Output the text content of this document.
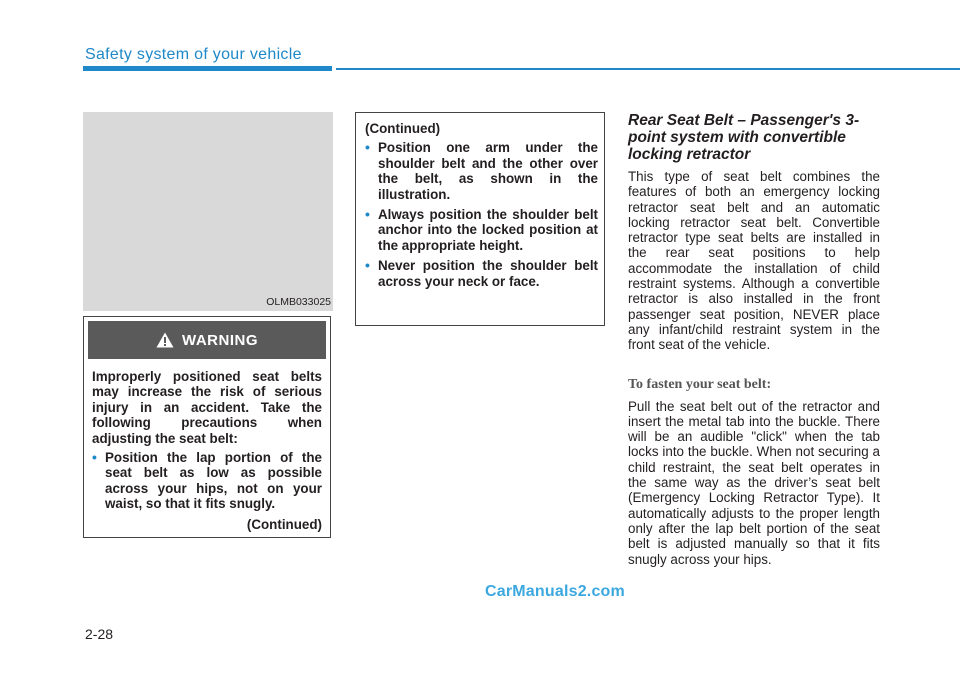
Safety system of your vehicle
OLMB033025
WARNING

Improperly positioned seat belts may increase the risk of serious injury in an accident. Take the following precautions when adjusting the seat belt:

• Position the lap portion of the seat belt as low as possible across your hips, not on your waist, so that it fits snugly.
(Continued)

(Continued)

• Position one arm under the shoulder belt and the other over the belt, as shown in the illustration.
• Always position the shoulder belt anchor into the locked position at the appropriate height.
• Never position the shoulder belt across your neck or face.
Rear Seat Belt – Passenger's 3-point system with convertible locking retractor

This type of seat belt combines the features of both an emergency locking retractor seat belt and an automatic locking retractor seat belt. Convertible retractor type seat belts are installed in the rear seat positions to help accommodate the installation of child restraint systems. Although a convertible retractor is also installed in the front passenger seat position, NEVER place any infant/child restraint system in the front seat of the vehicle.

To fasten your seat belt:

Pull the seat belt out of the retractor and insert the metal tab into the buckle. There will be an audible "click" when the tab locks into the buckle. When not securing a child restraint, the seat belt operates in the same way as the driver’s seat belt (Emergency Locking Retractor Type). It automatically adjusts to the proper length only after the lap belt portion of the seat belt is adjusted manually so that it fits snugly across your hips.

CarManuals2.com
2-28
